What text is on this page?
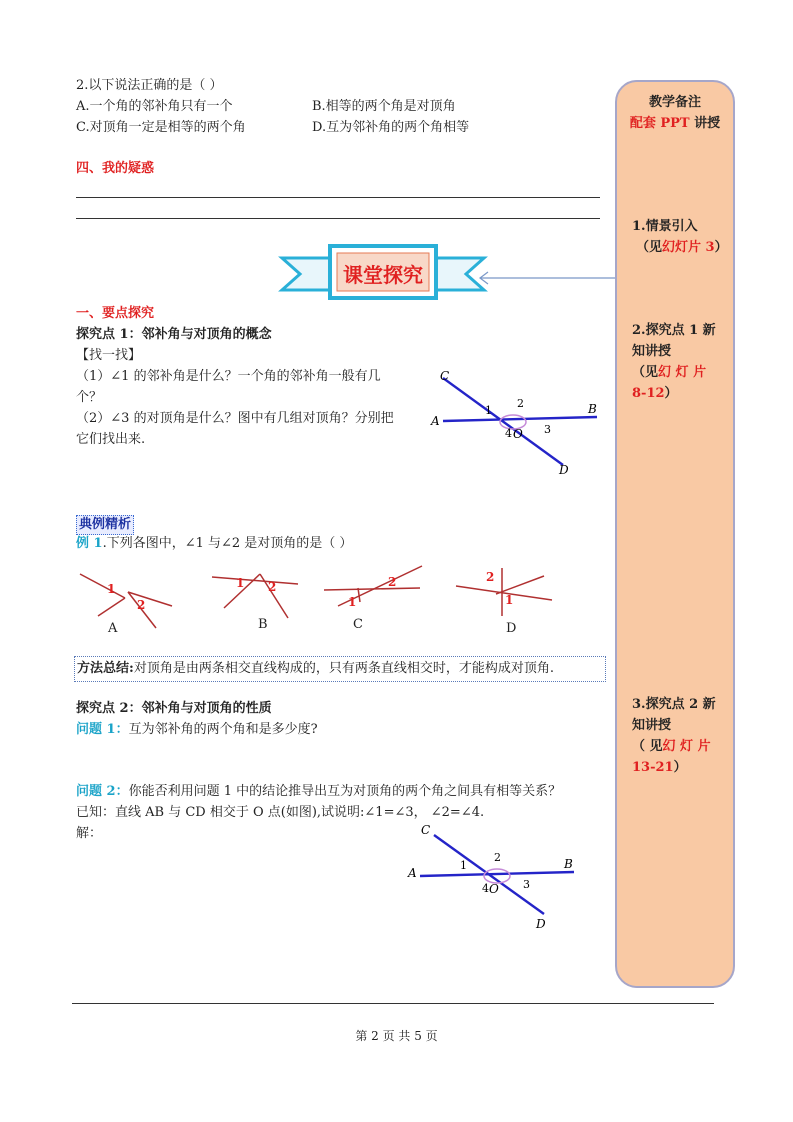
2.以下说法正确的是（ ）
A.一个角的邻补角只有一个	B.相等的两个角是对顶角
C.对顶角一定是相等的两个角	D.互为邻补角的两个角相等
四、我的疑惑
课堂探究
一、要点探究
探究点 1：邻补角与对顶角的概念
【找一找】
（1）∠1 的邻补角是什么？一个角的邻补角一般有几
个？
（2）∠3 的对顶角是什么？图中有几组对顶角？分别把
它们找出来.
C
B
A
D
O
1
2
3
4
典例精析
例 1.下列各图中，∠1 与∠2 是对顶角的是（ ）
1
2
1 2
1
2	2
1
A	B	C	D
方法总结:对顶角是由两条相交直线构成的，只有两条直线相交时，才能构成对顶角.
探究点 2：邻补角与对顶角的性质
问题 1：互为邻补角的两个角和是多少度?
问题 2：你能否利用问题 1 中的结论推导出互为对顶角的两个角之间具有相等关系？
已知：直线 AB 与 CD 相交于 O 点(如图),试说明:∠1=∠3， ∠2=∠4.
解：	C
B
A
D
O
1
2
3
4
教学备注
配套 PPT 讲授
1.情景引入
（见幻灯片 3）
2.探究点 1 新
知讲授
（见幻 灯 片
8-12）
3.探究点 2 新
知讲授
（ 见幻 灯 片
13-21）
第 2 页 共 5 页
